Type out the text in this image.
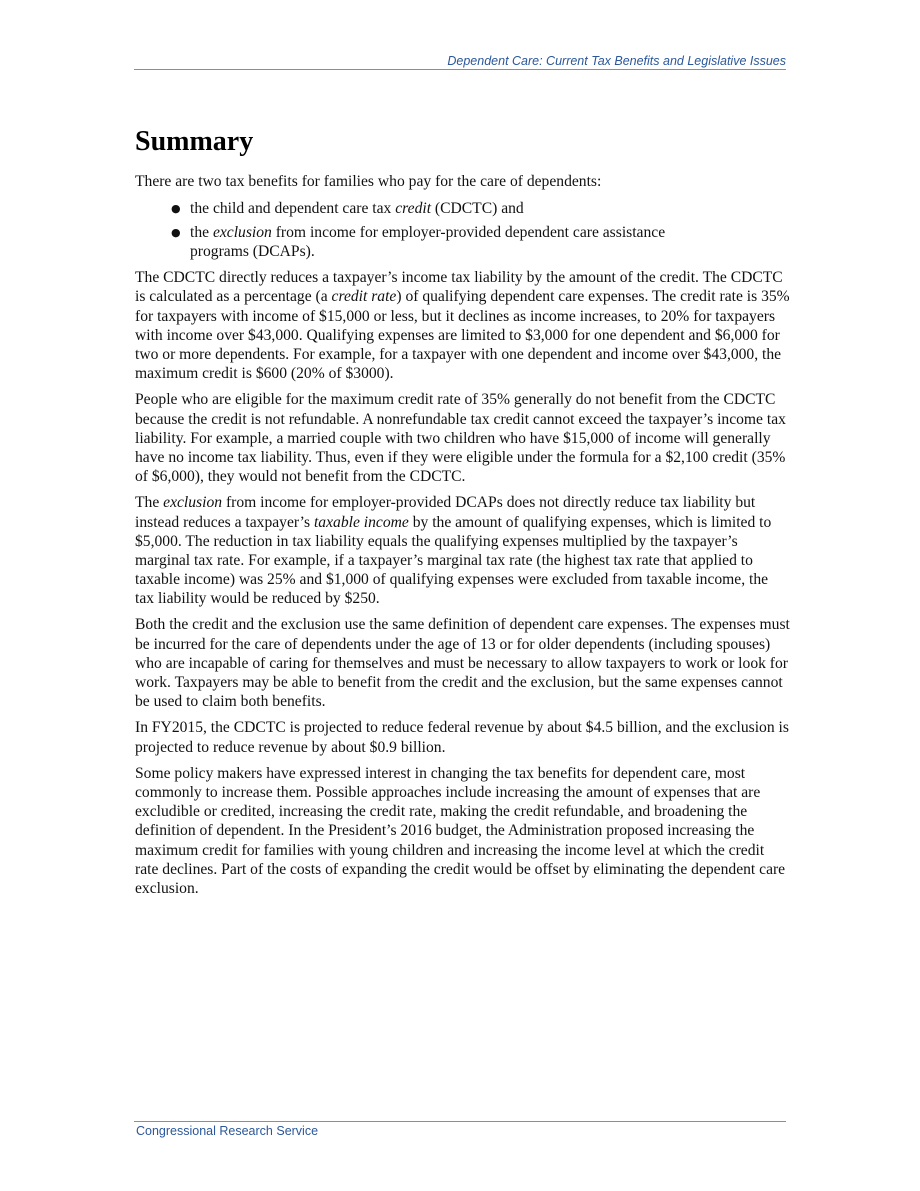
Dependent Care: Current Tax Benefits and Legislative Issues
Summary

There are two tax benefits for families who pay for the care of dependents:

● the child and dependent care tax credit (CDCTC) and
● the exclusion from income for employer-provided dependent care assistance programs (DCAPs).

The CDCTC directly reduces a taxpayer’s income tax liability by the amount of the credit. The CDCTC is calculated as a percentage (a credit rate) of qualifying dependent care expenses. The credit rate is 35% for taxpayers with income of $15,000 or less, but it declines as income increases, to 20% for taxpayers with income over $43,000. Qualifying expenses are limited to $3,000 for one dependent and $6,000 for two or more dependents. For example, for a taxpayer with one dependent and income over $43,000, the maximum credit is $600 (20% of $3000).

People who are eligible for the maximum credit rate of 35% generally do not benefit from the CDCTC because the credit is not refundable. A nonrefundable tax credit cannot exceed the taxpayer’s income tax liability. For example, a married couple with two children who have $15,000 of income will generally have no income tax liability. Thus, even if they were eligible under the formula for a $2,100 credit (35% of $6,000), they would not benefit from the CDCTC.

The exclusion from income for employer-provided DCAPs does not directly reduce tax liability but instead reduces a taxpayer’s taxable income by the amount of qualifying expenses, which is limited to $5,000. The reduction in tax liability equals the qualifying expenses multiplied by the taxpayer’s marginal tax rate. For example, if a taxpayer’s marginal tax rate (the highest tax rate that applied to taxable income) was 25% and $1,000 of qualifying expenses were excluded from taxable income, the tax liability would be reduced by $250.

Both the credit and the exclusion use the same definition of dependent care expenses. The expenses must be incurred for the care of dependents under the age of 13 or for older dependents (including spouses) who are incapable of caring for themselves and must be necessary to allow taxpayers to work or look for work. Taxpayers may be able to benefit from the credit and the exclusion, but the same expenses cannot be used to claim both benefits.

In FY2015, the CDCTC is projected to reduce federal revenue by about $4.5 billion, and the exclusion is projected to reduce revenue by about $0.9 billion.

Some policy makers have expressed interest in changing the tax benefits for dependent care, most commonly to increase them. Possible approaches include increasing the amount of expenses that are excludible or credited, increasing the credit rate, making the credit refundable, and broadening the definition of dependent. In the President’s 2016 budget, the Administration proposed increasing the maximum credit for families with young children and increasing the income level at which the credit rate declines. Part of the costs of expanding the credit would be offset by eliminating the dependent care exclusion.

Congressional Research Service
